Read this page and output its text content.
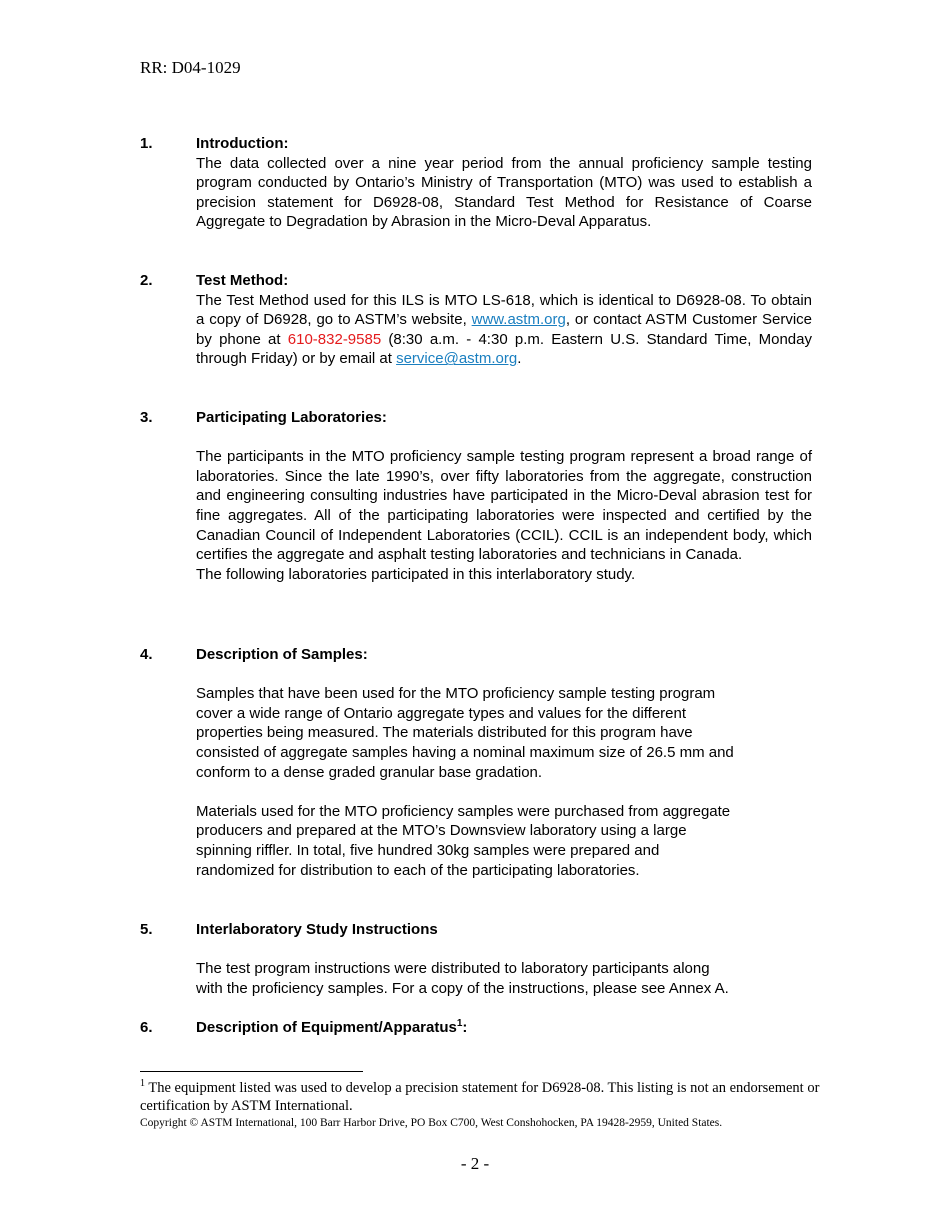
RR: D04-1029
1.	Introduction:

The data collected over a nine year period from the annual proficiency sample testing program conducted by Ontario’s Ministry of Transportation (MTO) was used to establish a precision statement for D6928-08, Standard Test Method for Resistance of Coarse Aggregate to Degradation by Abrasion in the Micro-Deval Apparatus.

2.	Test Method:

The Test Method used for this ILS is MTO LS-618, which is identical to D6928-08. To obtain a copy of D6928, go to ASTM’s website, www.astm.org, or contact ASTM Customer Service by phone at 610-832-9585 (8:30 a.m. - 4:30 p.m. Eastern U.S. Standard Time, Monday through Friday) or by email at service@astm.org.

3.	Participating Laboratories:

The participants in the MTO proficiency sample testing program represent a broad range of laboratories. Since the late 1990’s, over fifty laboratories from the aggregate, construction and engineering consulting industries have participated in the Micro-Deval abrasion test for fine aggregates. All of the participating laboratories were inspected and certified by the Canadian Council of Independent Laboratories (CCIL). CCIL is an independent body, which certifies the aggregate and asphalt testing laboratories and technicians in Canada.

The following laboratories participated in this interlaboratory study.

4.	Description of Samples:
Samples that have been used for the MTO proficiency sample testing program
cover a wide range of Ontario aggregate types and values for the different
properties being measured. The materials distributed for this program have
consisted of aggregate samples having a nominal maximum size of 26.5 mm and
conform to a dense graded granular base gradation.
Materials used for the MTO proficiency samples were purchased from aggregate
producers and prepared at the MTO’s Downsview laboratory using a large
spinning riffler. In total, five hundred 30kg samples were prepared and
randomized for distribution to each of the participating laboratories.
5.	Interlaboratory Study Instructions
The test program instructions were distributed to laboratory participants along
with the proficiency samples. For a copy of the instructions, please see Annex A.
6.	Description of Equipment/Apparatus$^1$:
$^1$ The equipment listed was used to develop a precision statement for D6928-08. This listing is not an endorsement or certification by ASTM International.
Copyright © ASTM International, 100 Barr Harbor Drive, PO Box C700, West Conshohocken, PA 19428-2959, United States.
- 2 -
